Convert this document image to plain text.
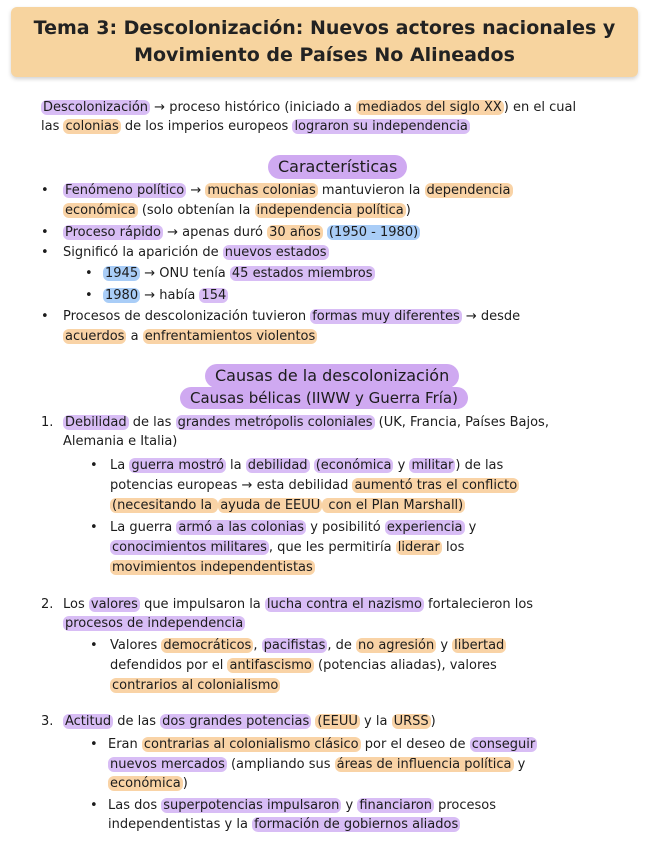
Tema 3: Descolonización: Nuevos actores nacionales y
Movimiento de Países No Alineados
Descolonización → proceso histórico (iniciado a mediados del siglo XX ) en el cual
las colonias de los imperios europeos lograron su independencia
Características
• Fenómeno político → muchas colonias mantuvieron la dependencia
económica (solo obtenían la independencia política )
• Proceso rápido → apenas duró 30 años (1950 - 1980)
• Significó la aparición de nuevos estados
• 1945 → ONU tenía 45 estados miembros
• 1980 → había 154
• Procesos de descolonización tuvieron formas muy diferentes → desde
acuerdos a enfrentamientos violentos
Causas de la descolonización
Causas bélicas (IIWW y Guerra Fría)
1. Debilidad de las grandes metrópolis coloniales (UK, Francia, Países Bajos,
Alemania e Italia)
• La guerra mostró la debilidad (económica y militar ) de las
potencias europeas → esta debilidad aumentó tras el conflicto
(necesitando la ayuda de EEUU con el Plan Marshall)
• La guerra armó a las colonias y posibilitó experiencia y
conocimientos militares , que les permitiría liderar los
movimientos independentistas
2. Los valores que impulsaron la lucha contra el nazismo fortalecieron los
procesos de independencia
• Valores democráticos , pacifistas , de no agresión y libertad
defendidos por el antifascismo (potencias aliadas), valores
contrarios al colonialismo
3. Actitud de las dos grandes potencias (EEUU y la URSS )
• Eran contrarias al colonialismo clásico por el deseo de conseguir
nuevos mercados (ampliando sus áreas de influencia política y
económica )
• Las dos superpotencias impulsaron y financiaron procesos
independentistas y la formación de gobiernos aliados
